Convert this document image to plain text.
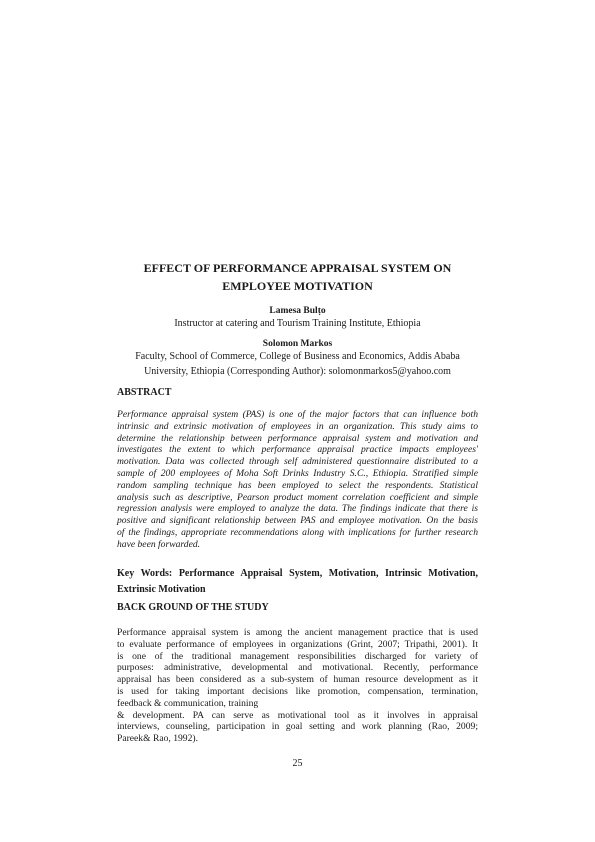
EFFECT OF PERFORMANCE APPRAISAL SYSTEM ON
EMPLOYEE MOTIVATION
Lamesa Bulṭo
Instructor at catering and Tourism Training Institute, Ethiopia
Solomon Markos
Faculty, School of Commerce, College of Business and Economics, Addis Ababa
University, Ethiopia (Corresponding Author): solomonmarkos5@yahoo.com
ABSTRACT

Performance appraisal system (PAS) is one of the major factors that can influence both

intrinsic and extrinsic motivation of employees in an organization. This study aims to

determine the relationship between performance appraisal system and motivation and

investigates the extent to which performance appraisal practice impacts employees'

motivation. Data was collected through self administered questionnaire distributed to a

sample of 200 employees of Moha Soft Drinks Industry S.C., Ethiopia. Stratified simple

random sampling technique has been employed to select the respondents. Statistical

analysis such as descriptive, Pearson product moment correlation coefficient and simple

regression analysis were employed to analyze the data. The findings indicate that there is

positive and significant relationship between PAS and employee motivation. On the basis

of the findings, appropriate recommendations along with implications for further research

have been forwarded.

Key Words: Performance Appraisal System, Motivation, Intrinsic Motivation,
Extrinsic Motivation
BACK GROUND OF THE STUDY

Performance appraisal system is among the ancient management practice that is used

to evaluate performance of employees in organizations (Grint, 2007; Tripathi, 2001). It

is one of the traditional management responsibilities discharged for variety of

purposes: administrative, developmental and motivational. Recently, performance

appraisal has been considered as a sub-system of human resource development as it

is used for taking important decisions like promotion, compensation, termination,

feedback & communication, training

& development. PA can serve as motivational tool as it involves in appraisal

interviews, counseling, participation in goal setting and work planning (Rao, 2009;

Pareek& Rao, 1992).

25
